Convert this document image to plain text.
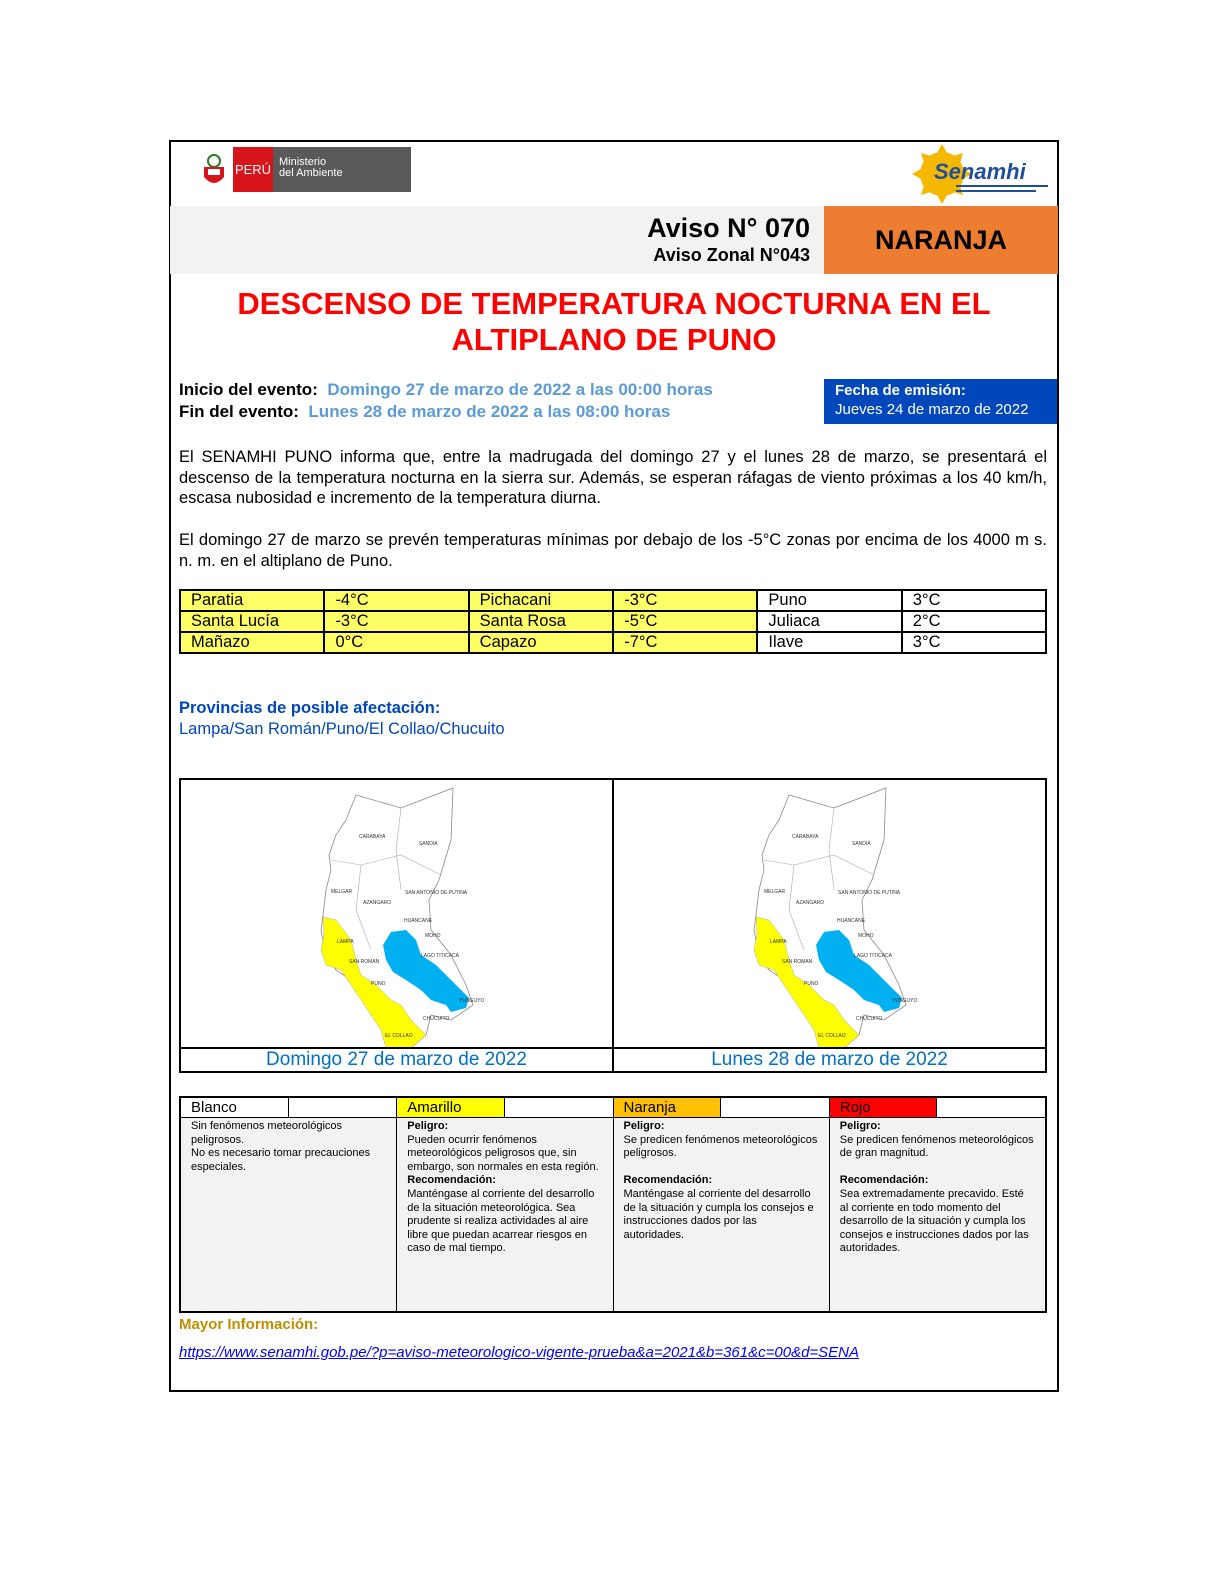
PERÚ Ministerio
del Ambiente	Senamhi
NARANJA
Aviso N° 070
Aviso Zonal N°043
DESCENSO DE TEMPERATURA NOCTURNA EN EL
ALTIPLANO DE PUNO
Inicio del evento: Domingo 27 de marzo de 2022 a las 00:00 horas
Fin del evento: Lunes 28 de marzo de 2022 a las 08:00 horas
Fecha de emisión:
Jueves 24 de marzo de 2022
El SENAMHI PUNO informa que, entre la madrugada del domingo 27 y el lunes 28 de marzo, se presentará el descenso de la temperatura nocturna en la sierra sur. Además, se esperan ráfagas de viento próximas a los 40 km/h, escasa nubosidad e incremento de la temperatura diurna.
El domingo 27 de marzo se prevén temperaturas mínimas por debajo de los -5°C zonas por encima de los 4000 m s. n. m. en el altiplano de Puno.
Paratia	-4°C	Pichacani	-3°C	Puno	3°C
Santa Lucía	-3°C	Santa Rosa	-5°C	Juliaca	2°C
Mañazo	0°C	Capazo	-7°C	Ilave	3°C
Provincias de posible afectación:
Lampa/San Román/Puno/El Collao/Chucuito
CARABAYA
SANDIA
MELGAR
AZANGARO
SAN ANTONIO DE PUTINA
HUANCANE
MOHO
LAMPA
SAN ROMAN
LAGO TITICACA
PUNO
YUNGUYO
CHUCUITO
EL COLLAO
Domingo 27 de marzo de 2022
CARABAYA
SANDIA
MELGAR
AZANGARO
SAN ANTONIO DE PUTINA
HUANCANE
MOHO
LAMPA
SAN ROMAN
LAGO TITICACA
PUNO
YUNGUYO
CHUCUITO
EL COLLAO
Lunes 28 de marzo de 2022
Blanco
Sin fenómenos meteorológicos peligrosos.
No es necesario tomar precauciones especiales.
Amarillo
Peligro:
Pueden ocurrir fenómenos meteorológicos peligrosos que, sin embargo, son normales en esta región.
Recomendación:
Manténgase al corriente del desarrollo de la situación meteorológica. Sea prudente si realiza actividades al aire libre que puedan acarrear riesgos en caso de mal tiempo.
Naranja
Peligro:
Se predicen fenómenos meteorológicos peligrosos.

Recomendación:
Manténgase al corriente del desarrollo de la situación y cumpla los consejos e instrucciones dados por las autoridades.
Rojo
Peligro:
Se predicen fenómenos meteorológicos de gran magnitud.

Recomendación:
Sea extremadamente precavido. Esté al corriente en todo momento del desarrollo de la situación y cumpla los consejos e instrucciones dados por las autoridades.
Mayor Información:
https://www.senamhi.gob.pe/?p=aviso-meteorologico-vigente-prueba&a=2021&b=361&c=00&d=SENA
